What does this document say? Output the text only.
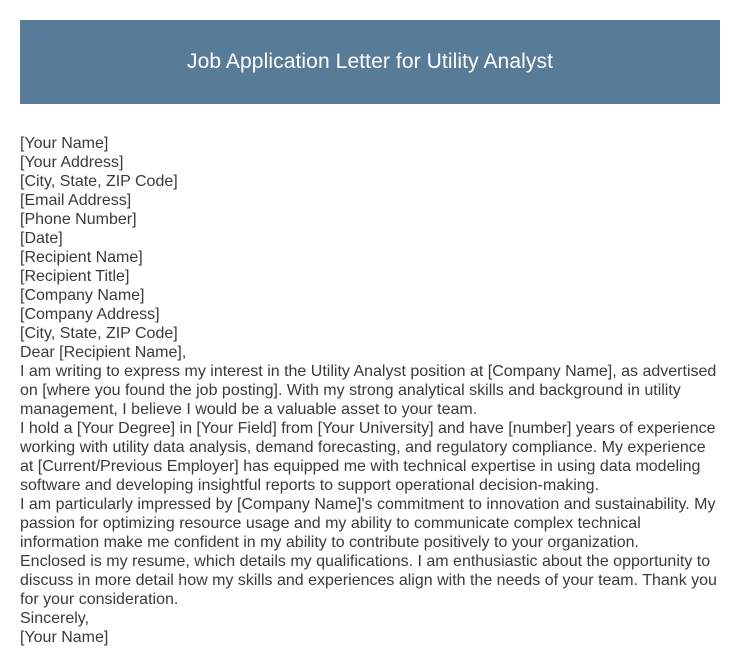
Job Application Letter for Utility Analyst
[Your Name]
[Your Address]
[City, State, ZIP Code]
[Email Address]
[Phone Number]
[Date]
[Recipient Name]
[Recipient Title]
[Company Name]
[Company Address]
[City, State, ZIP Code]
Dear [Recipient Name],
I am writing to express my interest in the Utility Analyst position at [Company Name], as advertised
on [where you found the job posting]. With my strong analytical skills and background in utility
management, I believe I would be a valuable asset to your team.
I hold a [Your Degree] in [Your Field] from [Your University] and have [number] years of experience
working with utility data analysis, demand forecasting, and regulatory compliance. My experience
at [Current/Previous Employer] has equipped me with technical expertise in using data modeling
software and developing insightful reports to support operational decision-making.
I am particularly impressed by [Company Name]'s commitment to innovation and sustainability. My
passion for optimizing resource usage and my ability to communicate complex technical
information make me confident in my ability to contribute positively to your organization.
Enclosed is my resume, which details my qualifications. I am enthusiastic about the opportunity to
discuss in more detail how my skills and experiences align with the needs of your team. Thank you
for your consideration.
Sincerely,
[Your Name]
